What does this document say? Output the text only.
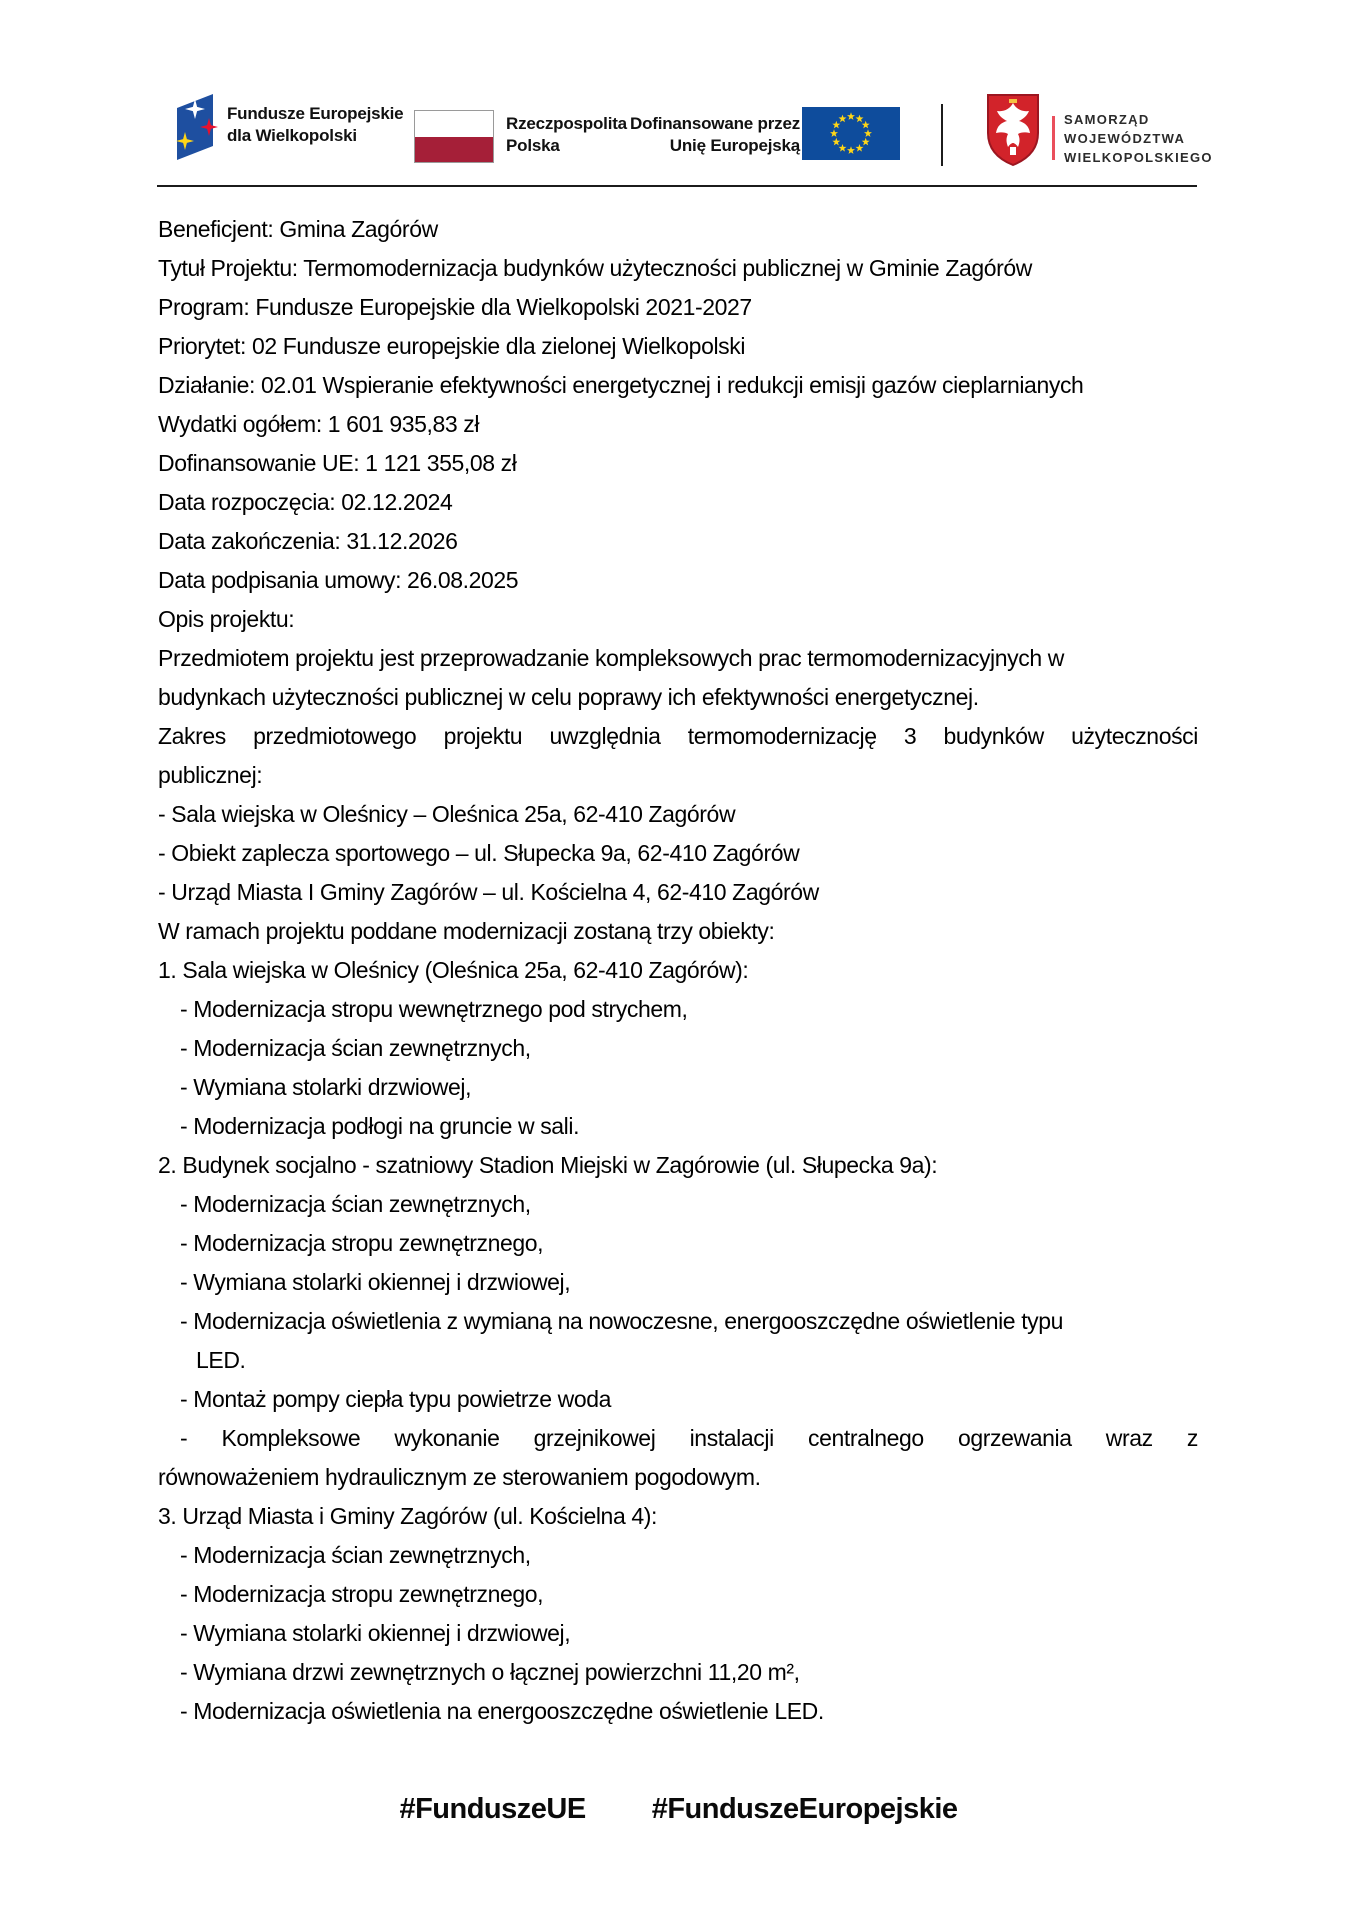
Fundusze Europejskie
dla Wielkopolski
Rzeczpospolita
Polska
Dofinansowane przez
Unię Europejską
SAMORZĄD
WOJEWÓDZTWA
WIELKOPOLSKIEGO
Beneficjent: Gmina Zagórów
Tytuł Projektu: Termomodernizacja budynków użyteczności publicznej w Gminie Zagórów
Program: Fundusze Europejskie dla Wielkopolski 2021-2027
Priorytet: 02 Fundusze europejskie dla zielonej Wielkopolski
Działanie: 02.01 Wspieranie efektywności energetycznej i redukcji emisji gazów cieplarnianych
Wydatki ogółem: 1 601 935,83 zł
Dofinansowanie UE: 1 121 355,08 zł
Data rozpoczęcia: 02.12.2024
Data zakończenia: 31.12.2026
Data podpisania umowy: 26.08.2025
Opis projektu:
Przedmiotem projektu jest przeprowadzanie kompleksowych prac termomodernizacyjnych w
budynkach użyteczności publicznej w celu poprawy ich efektywności energetycznej.
Zakres przedmiotowego projektu uwzględnia termomodernizację 3 budynków użyteczności
publicznej:
- Sala wiejska w Oleśnicy – Oleśnica 25a, 62-410 Zagórów
- Obiekt zaplecza sportowego – ul. Słupecka 9a, 62-410 Zagórów
- Urząd Miasta I Gminy Zagórów – ul. Kościelna 4, 62-410 Zagórów
W ramach projektu poddane modernizacji zostaną trzy obiekty:
1. Sala wiejska w Oleśnicy (Oleśnica 25a, 62-410 Zagórów):
- Modernizacja stropu wewnętrznego pod strychem,
- Modernizacja ścian zewnętrznych,
- Wymiana stolarki drzwiowej,
- Modernizacja podłogi na gruncie w sali.
2. Budynek socjalno - szatniowy Stadion Miejski w Zagórowie (ul. Słupecka 9a):
- Modernizacja ścian zewnętrznych,
- Modernizacja stropu zewnętrznego,
- Wymiana stolarki okiennej i drzwiowej,
- Modernizacja oświetlenia z wymianą na nowoczesne, energooszczędne oświetlenie typu
LED.
- Montaż pompy ciepła typu powietrze woda
- Kompleksowe wykonanie grzejnikowej instalacji centralnego ogrzewania wraz z
równoważeniem hydraulicznym ze sterowaniem pogodowym.
3. Urząd Miasta i Gminy Zagórów (ul. Kościelna 4):
- Modernizacja ścian zewnętrznych,
- Modernizacja stropu zewnętrznego,
- Wymiana stolarki okiennej i drzwiowej,
- Wymiana drzwi zewnętrznych o łącznej powierzchni 11,20 m²,
- Modernizacja oświetlenia na energooszczędne oświetlenie LED.
#FunduszeUE #FunduszeEuropejskie
